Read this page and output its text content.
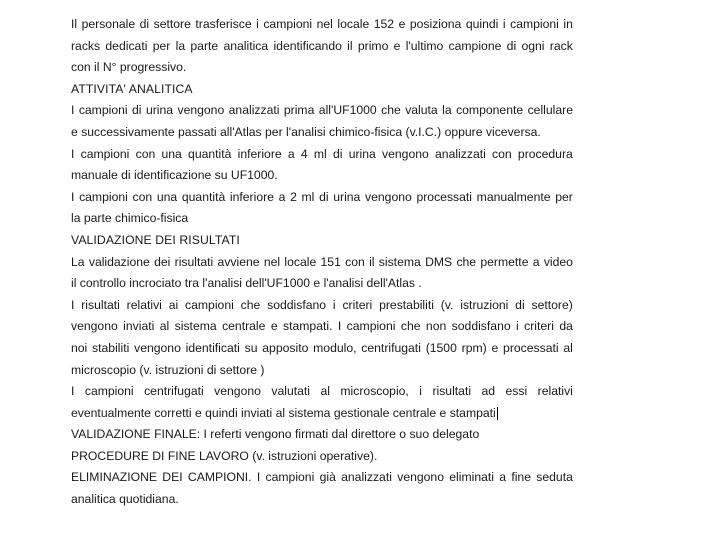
Il personale di settore trasferisce i campioni nel locale 152 e posiziona quindi i campioni in
racks dedicati per la parte analitica identificando il primo e l'ultimo campione di ogni rack
con il N° progressivo.
ATTIVITA' ANALITICA
I campioni di urina vengono analizzati prima all'UF1000 che valuta la componente cellulare
e successivamente passati all'Atlas per l'analisi chimico-fisica (v.I.C.) oppure viceversa.
I campioni con una quantità inferiore a 4 ml di urina vengono analizzati con procedura
manuale di identificazione su UF1000.
I campioni con una quantità inferiore a 2 ml di urina vengono processati manualmente per
la parte chimico-fisica
VALIDAZIONE DEI RISULTATI
La validazione dei risultati avviene nel locale 151 con il sistema DMS che permette a video
il controllo incrociato tra l'analisi dell'UF1000 e l'analisi dell'Atlas .
I risultati relativi ai campioni che soddisfano i criteri prestabiliti (v. istruzioni di settore)
vengono inviati al sistema centrale e stampati. I campioni che non soddisfano i criteri da
noi stabiliti vengono identificati su apposito modulo, centrifugati (1500 rpm) e processati al
microscopio (v. istruzioni di settore )
I campioni centrifugati vengono valutati al microscopio, i risultati ad essi relativi
eventualmente corretti e quindi inviati al sistema gestionale centrale e stampati
VALIDAZIONE FINALE: I referti vengono firmati dal direttore o suo delegato
PROCEDURE DI FINE LAVORO (v. istruzioni operative).
ELIMINAZIONE DEI CAMPIONI. I campioni già analizzati vengono eliminati a fine seduta
analitica quotidiana.
